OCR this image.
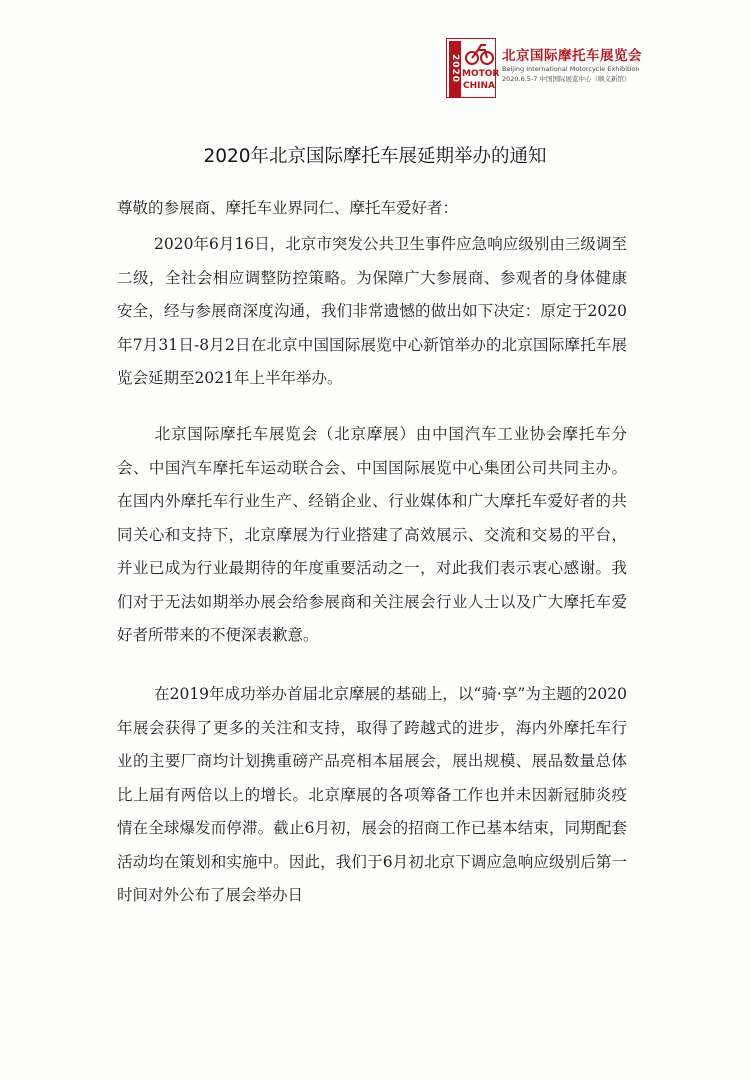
2020 MOTOR
CHINA
北京国际摩托车展览会
Beijing International Motorcycle Exhibition
2020.6.5-7 中国国际展览中心（顺义新馆）
2020年北京国际摩托车展延期举办的通知
尊敬的参展商、摩托车业界同仁、摩托车爱好者：

2020年6月16日，北京市突发公共卫生事件应急响应级别由三级调至二级，全社会相应调整防控策略。为保障广大参展商、参观者的身体健康安全，经与参展商深度沟通，我们非常遗憾的做出如下决定：原定于2020年7月31日-8月2日在北京中国国际展览中心新馆举办的北京国际摩托车展览会延期至2021年上半年举办。

北京国际摩托车展览会（北京摩展）由中国汽车工业协会摩托车分会、中国汽车摩托车运动联合会、中国国际展览中心集团公司共同主办。在国内外摩托车行业生产、经销企业、行业媒体和广大摩托车爱好者的共同关心和支持下，北京摩展为行业搭建了高效展示、交流和交易的平台，并业已成为行业最期待的年度重要活动之一，对此我们表示衷心感谢。我们对于无法如期举办展会给参展商和关注展会行业人士以及广大摩托车爱好者所带来的不便深表歉意。

在2019年成功举办首届北京摩展的基础上，以“骑·享”为主题的2020年展会获得了更多的关注和支持，取得了跨越式的进步，海内外摩托车行业的主要厂商均计划携重磅产品亮相本届展会，展出规模、展品数量总体比上届有两倍以上的增长。北京摩展的各项筹备工作也并未因新冠肺炎疫情在全球爆发而停滞。截止6月初，展会的招商工作已基本结束，同期配套活动均在策划和实施中。因此，我们于6月初北京下调应急响应级别后第一时间对外公布了展会举办日
